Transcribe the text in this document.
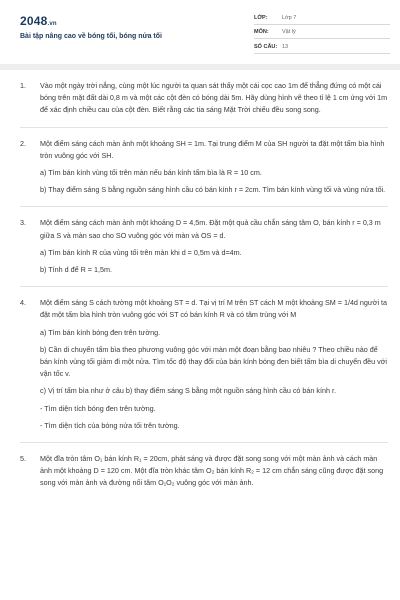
2048.vn
Bài tập nâng cao về bóng tối, bóng nửa tối
LỚP:	Lớp 7
MÔN:	Vật lý
SỐ CÂU: 13
1. Vào một ngày trời nắng, cùng một lúc người ta quan sát thấy một cái cọc cao 1m để thẳng đứng có một cái bóng trên mặt đất dài 0,8 m và một các cột đèn có bóng dài 5m. Hãy dùng hình vẽ theo tỉ lệ 1 cm ứng với 1m để xác định chiều cau của cột đèn. Biết rằng các tia sáng Mặt Trời chiếu đều song song.

2. Một điểm sáng cách màn ảnh một khoảng SH = 1m. Tại trung điểm M của SH người ta đặt một tấm bìa hình tròn vuông góc với SH.

a) Tìm bán kính vùng tối trên màn nếu bán kính tấm bìa là R = 10 cm.

b) Thay điểm sáng S bằng nguồn sáng hình cầu có bán kính r = 2cm. Tìm bán kính vùng tối và vùng nửa tối.

3. Một điểm sáng cách màn ảnh một khoảng D = 4,5m. Đặt một quả cầu chắn sáng tâm O, bán kính r = 0,3 m giữa S và màn sao cho SO vuông góc với màn và OS = d.

a) Tìm bán kính R của vùng tối trên màn khi d = 0,5m và d=4m.

b) Tính d để R = 1,5m.

4. Một điểm sáng S cách tường một khoảng ST = d. Tại vị trí M trên ST cách M một khoảng SM = 1/4d người ta đặt một tấm bìa hình tròn vuông góc với ST có bán kính R và có tâm trùng với M

a) Tìm bán kính bóng đen trên tường.

b) Cần di chuyển tấm bìa theo phương vuông góc với màn một đoạn bằng bao nhiêu ? Theo chiều nào để bán kính vùng tối giảm đi một nửa. Tìm tốc độ thay đổi của bán kính bóng đen biết tấm bìa di chuyển đều với vận tốc v.

c) Vị trí tấm bìa như ở câu b) thay điểm sáng S bằng một nguồn sáng hình cầu có bán kính r.

- Tìm diện tích bóng đen trên tường.

- Tìm diện tích của bóng nửa tối trên tường.

5. Một đĩa tròn tâm O₁ bán kính R₁ = 20cm, phát sáng và được đặt song song với một màn ảnh và cách màn ảnh một khoảng D = 120 cm. Một đĩa tròn khác tâm O₂ bán kính R₂ = 12 cm chắn sáng cũng được đặt song song với màn ảnh và đường nối tâm O₁O₂ vuông góc với màn ảnh.
